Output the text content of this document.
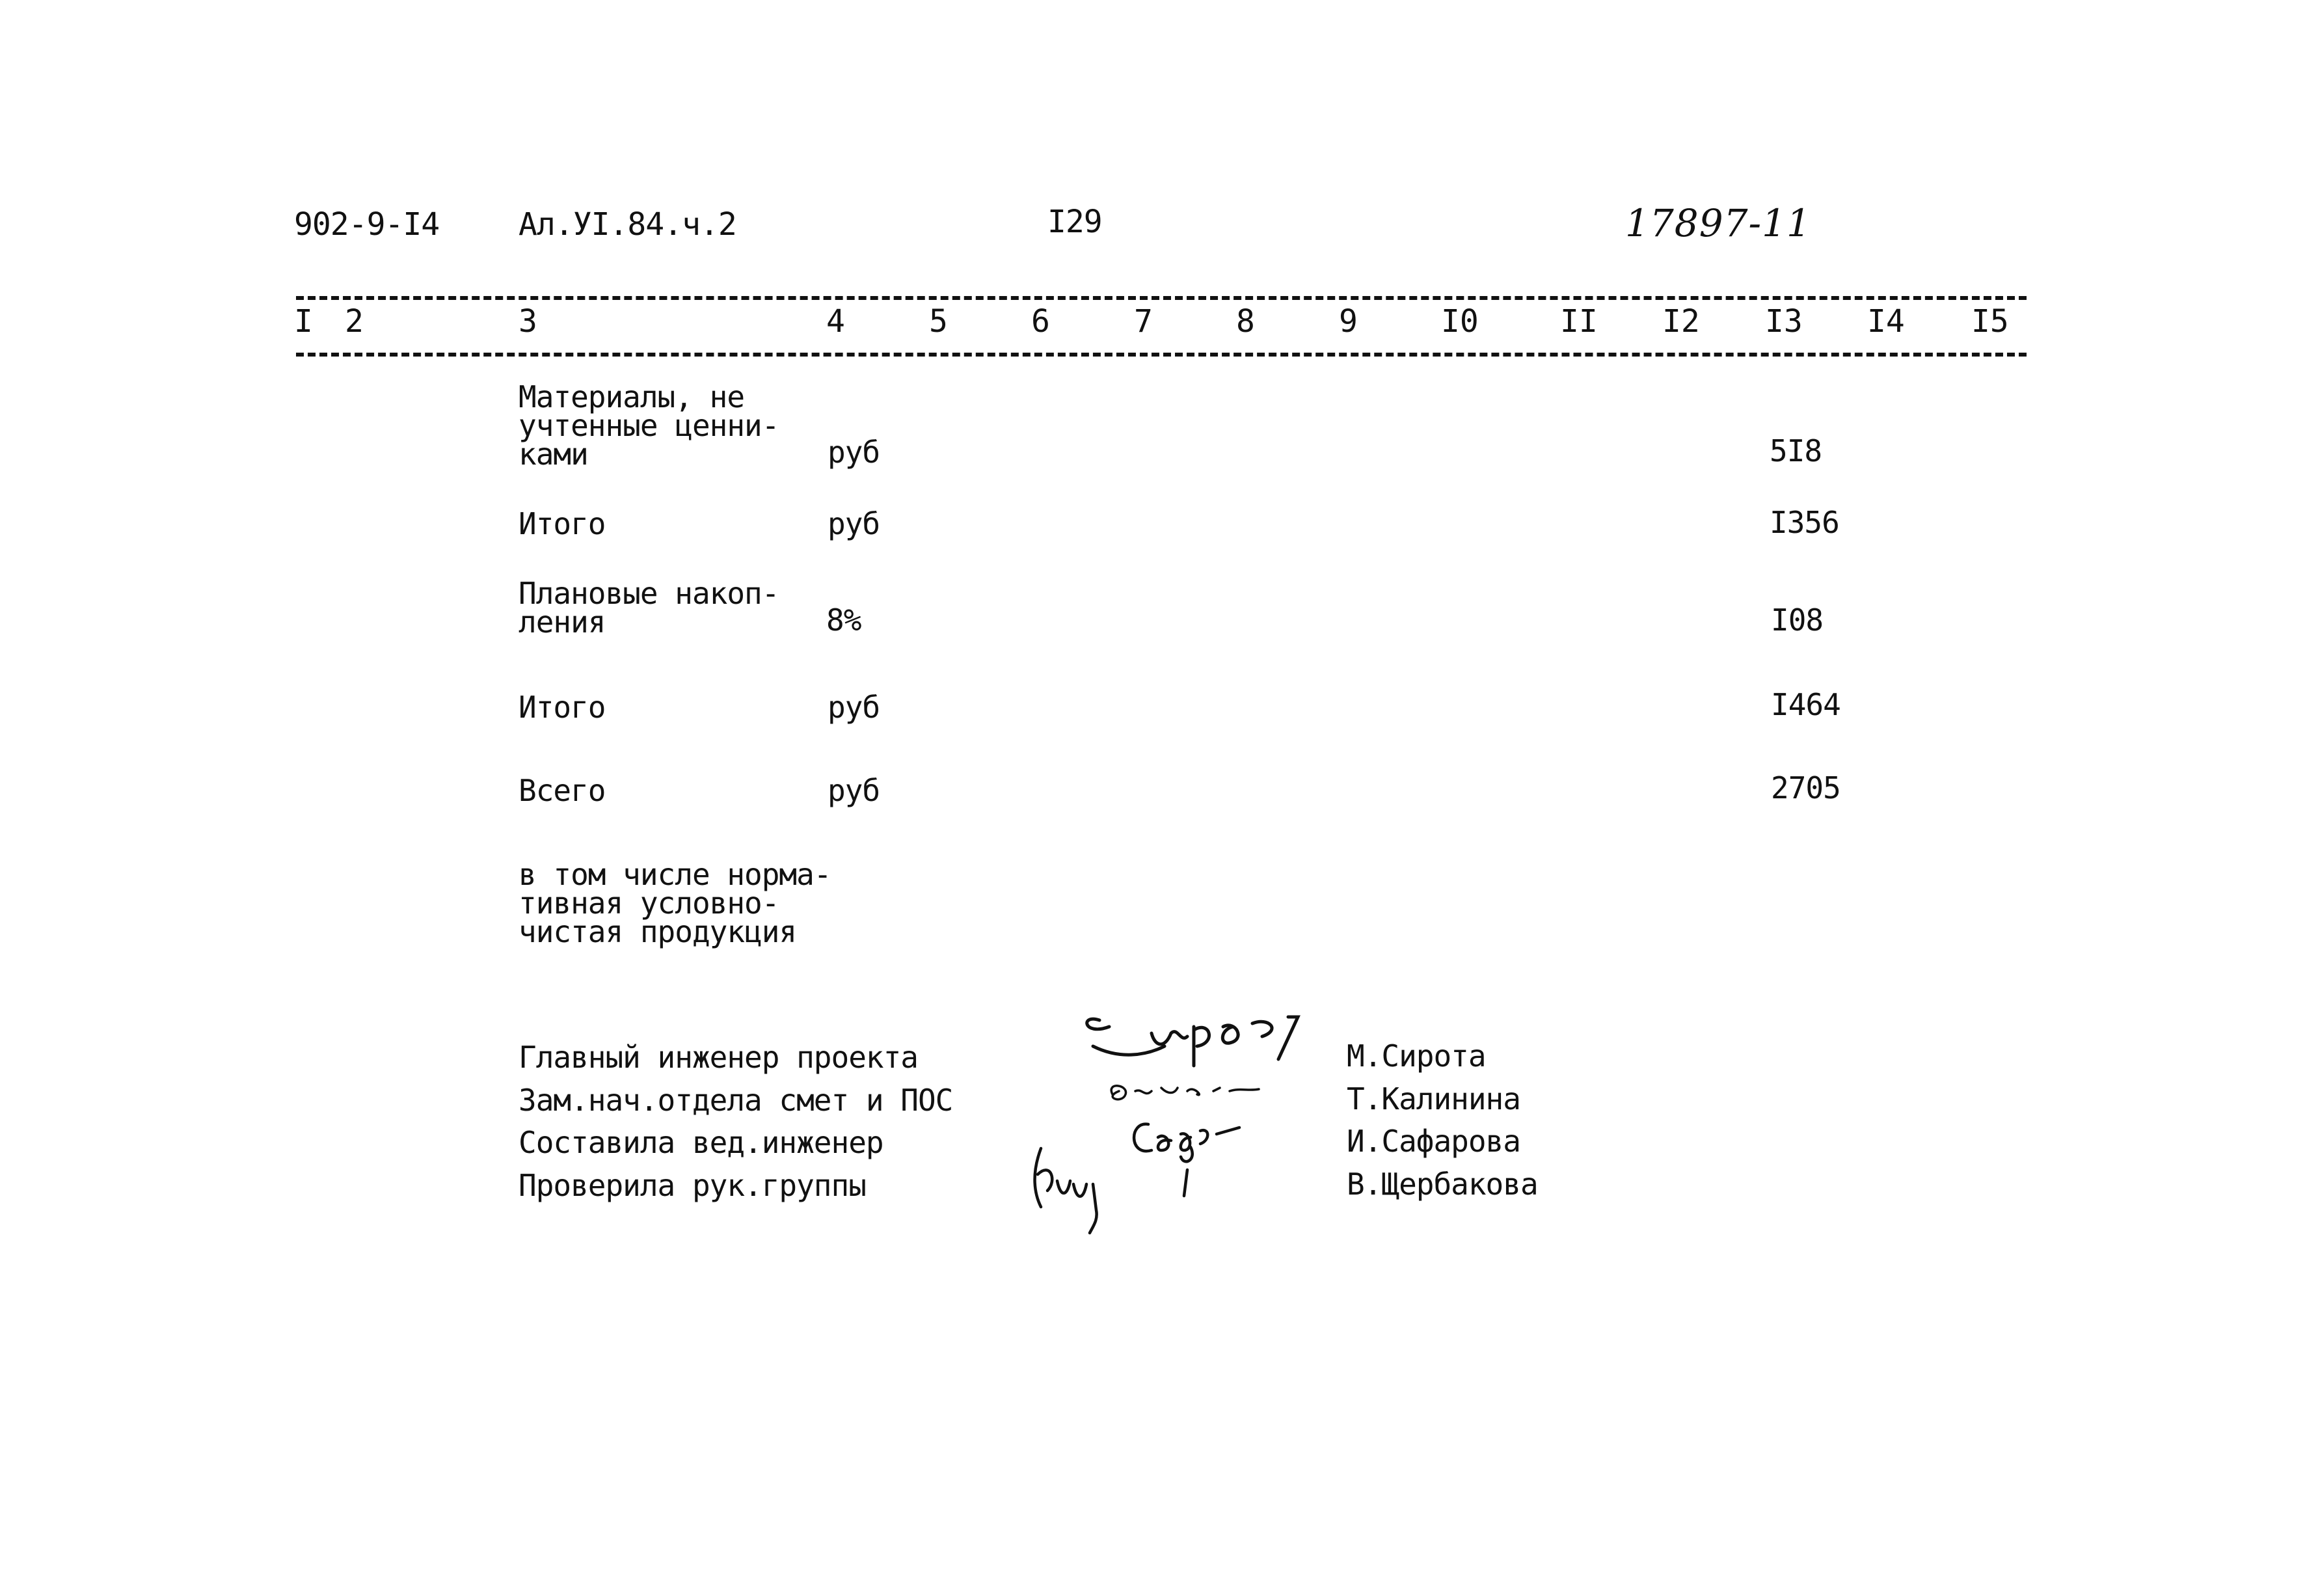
902-9-I4	Ал.УI.84.ч.2	I29	17897-11
I 2	3	4	5	6	7	8	9	I0	II I2 I3 I4 I5
Материалы, не
учтенные ценни-
ками	руб	5I8
Итого	руб	I356
Плановые накоп-
ления	8%	I08
Итого	руб	I464
Всего	руб	2705
в том числе норма-
тивная условно-
чистая продукция
Главный инженер проекта
Зам.нач.отдела смет и ПОС
Составила вед.инженер
Проверила рук.группы
М.Сирота
Т.Калинина
И.Сафарова
В.Щербакова
